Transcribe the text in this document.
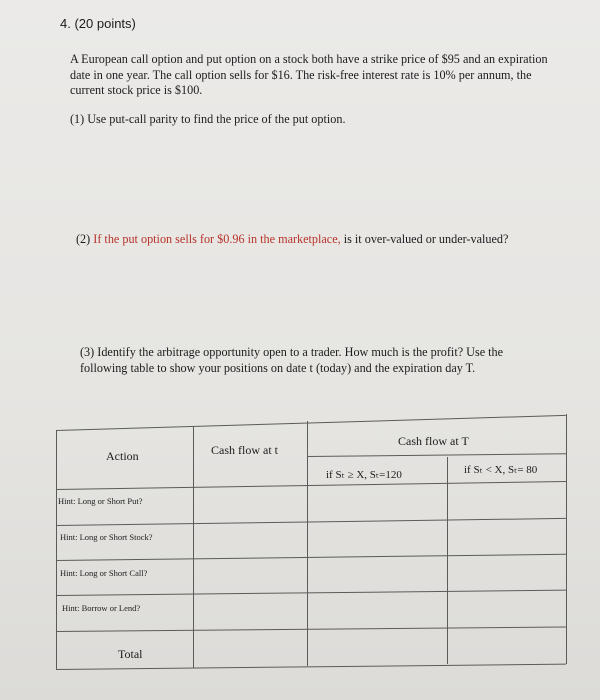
4. (20 points)
A European call option and put option on a stock both have a strike price of $95 and an expiration date in one year. The call option sells for $16. The risk-free interest rate is 10% per annum, the current stock price is $100.
(1) Use put-call parity to find the price of the put option.
(2) If the put option sells for $0.96 in the marketplace, is it over-valued or under-valued?
(3) Identify the arbitrage opportunity open to a trader. How much is the profit? Use the following table to show your positions on date t (today) and the expiration day T.
Action	Cash flow at t
Cash flow at T
if Sₜ ≥ X, Sₜ=120	if Sₜ < X, Sₜ= 80
Hint: Long or Short Put?
Hint: Long or Short Stock?
Hint: Long or Short Call?
Hint: Borrow or Lend?
Total
